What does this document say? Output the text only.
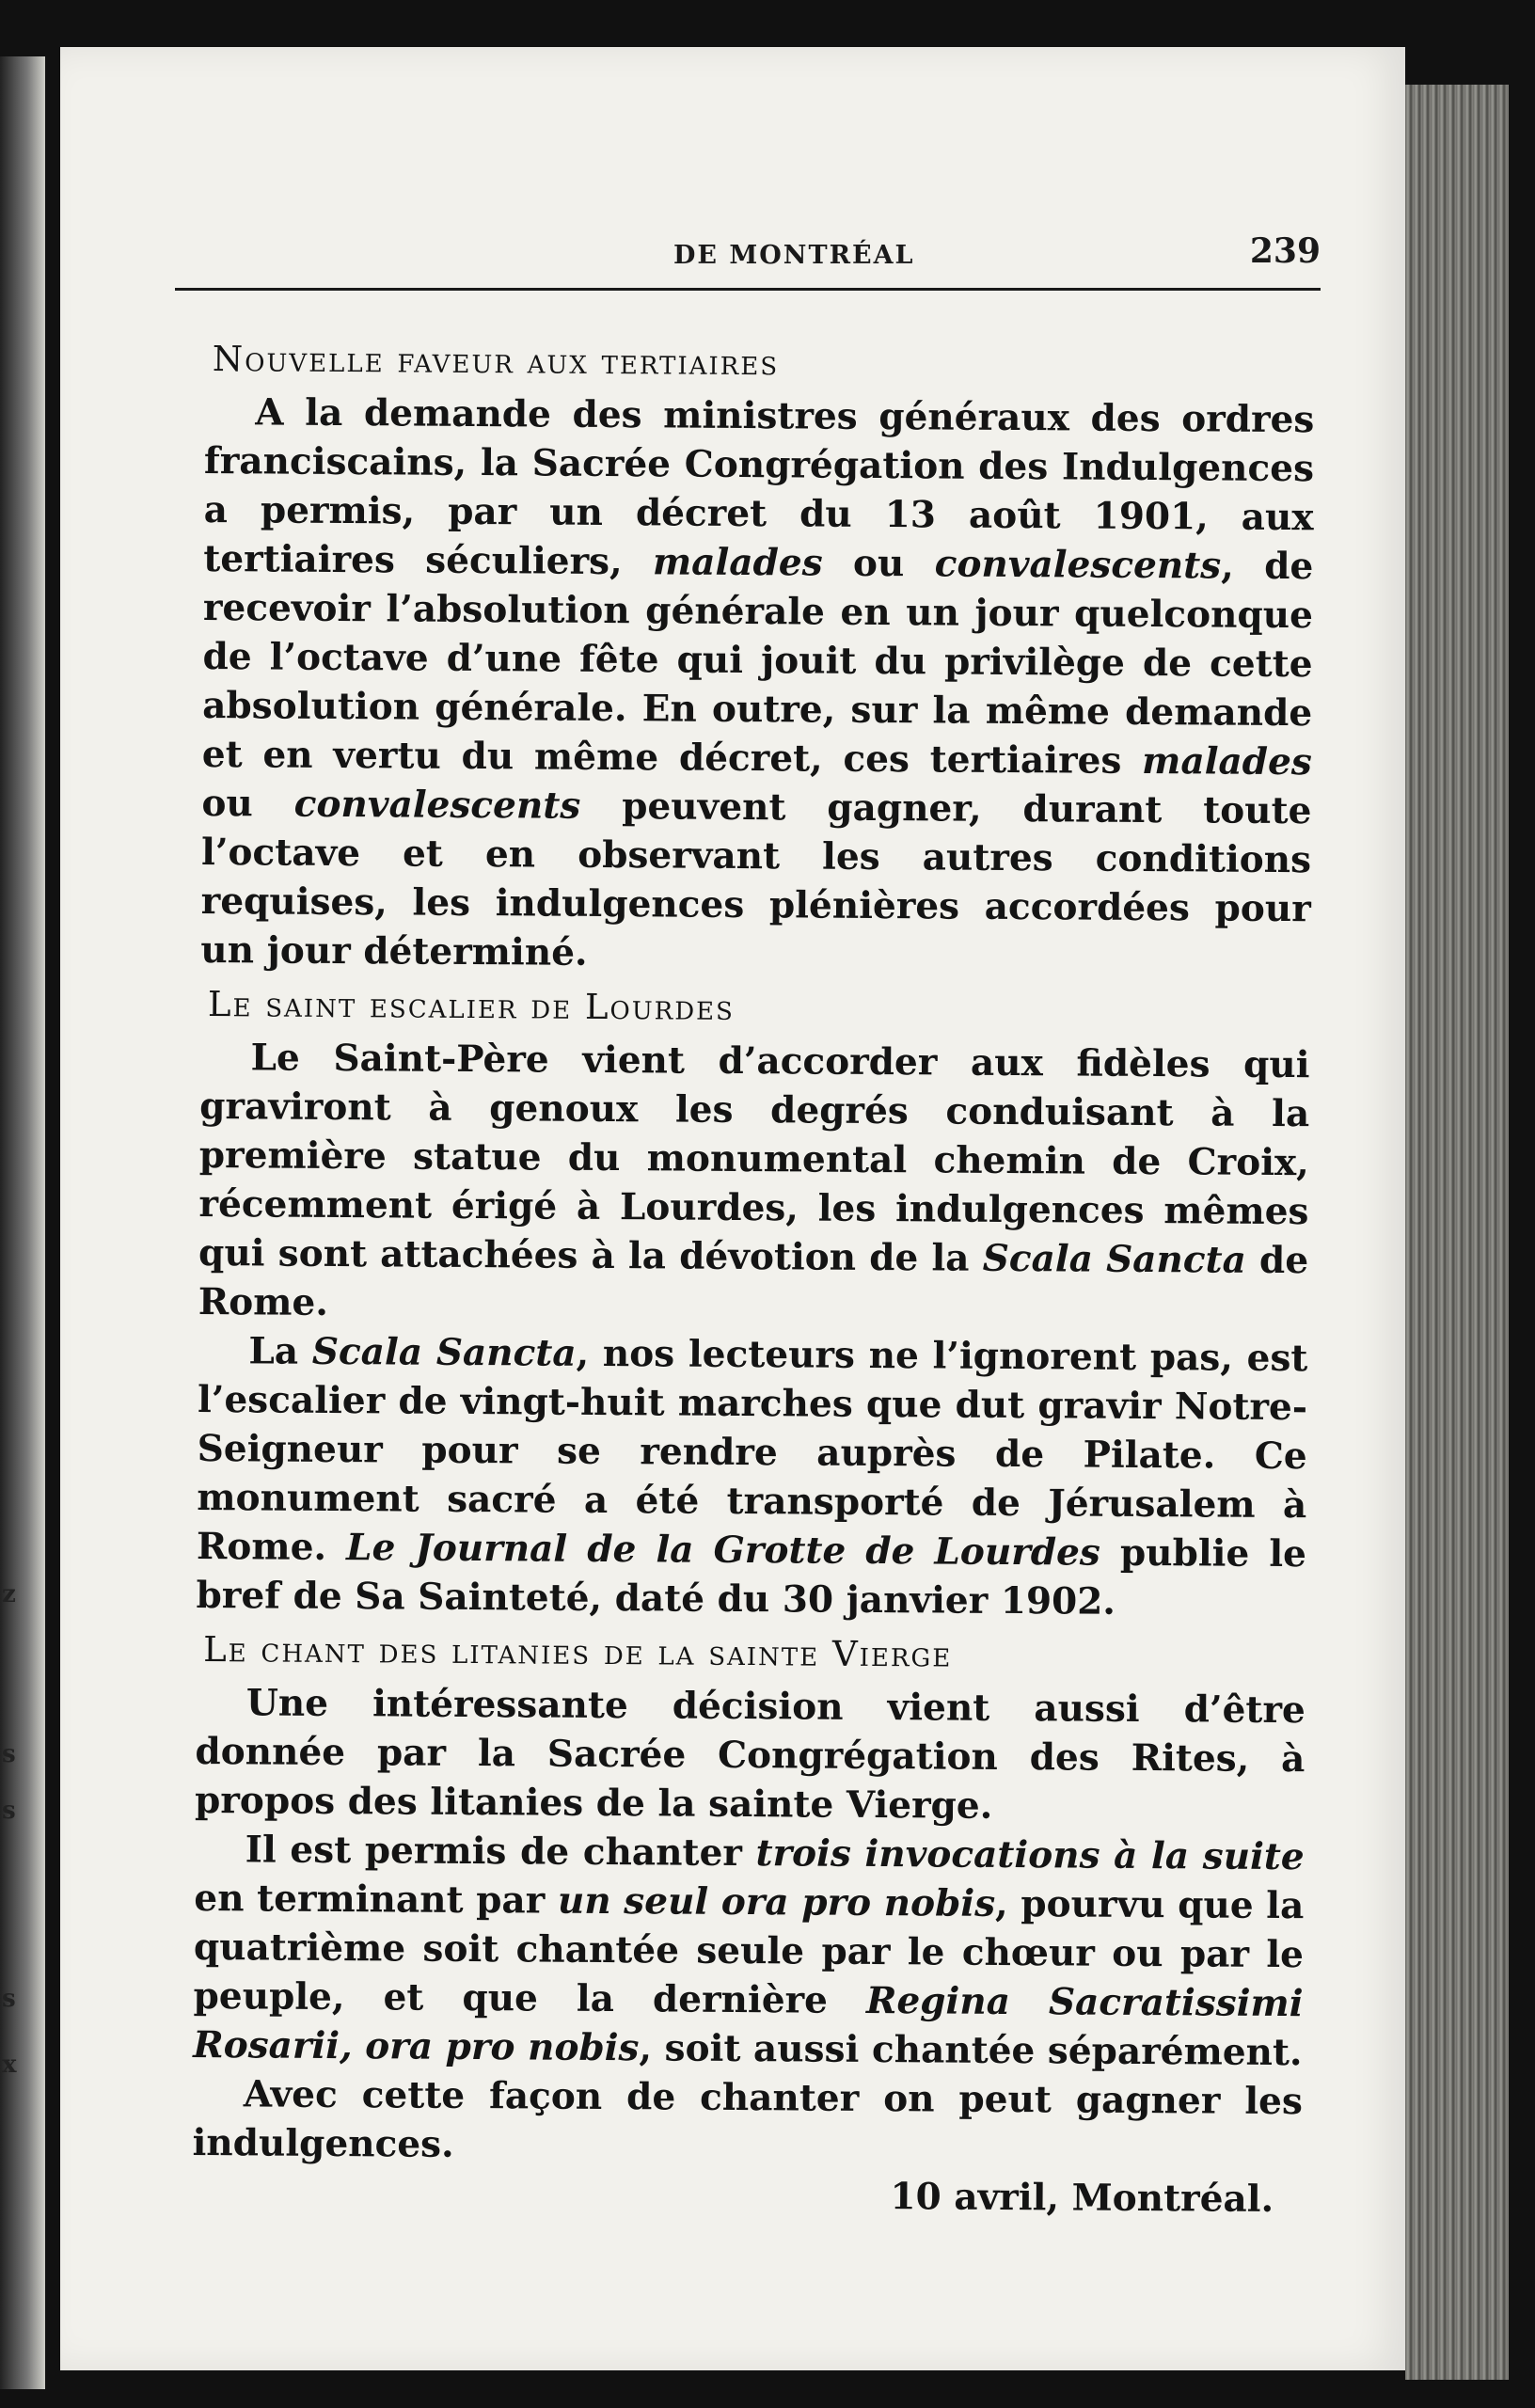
z
s
s
s
x
DE MONTRÉAL	239
Nouvelle faveur aux tertiaires

A la demande des ministres généraux des ordres franciscains, la Sacrée Congrégation des Indulgences a permis, par un décret du 13 août 1901, aux tertiaires séculiers, malades ou convalescents, de recevoir l’absolution générale en un jour quelconque de l’octave d’une fête qui jouit du privilège de cette absolution générale. En outre, sur la même demande et en vertu du même décret, ces tertiaires malades ou convalescents peuvent gagner, durant toute l’octave et en observant les autres conditions requises, les indulgences plénières accordées pour un jour déterminé.

Le saint escalier de Lourdes

Le Saint-Père vient d’accorder aux fidèles qui graviront à genoux les degrés conduisant à la première statue du monumental chemin de Croix, récemment érigé à Lourdes, les indulgences mêmes qui sont attachées à la dévotion de la Scala Sancta de Rome.

La Scala Sancta, nos lecteurs ne l’ignorent pas, est l’escalier de vingt-huit marches que dut gravir Notre-Seigneur pour se rendre auprès de Pilate. Ce monument sacré a été transporté de Jérusalem à Rome. Le Journal de la Grotte de Lourdes publie le bref de Sa Sainteté, daté du 30 janvier 1902.

Le chant des litanies de la sainte Vierge

Une intéressante décision vient aussi d’être donnée par la Sacrée Congrégation des Rites, à propos des litanies de la sainte Vierge.

Il est permis de chanter trois invocations à la suite en terminant par un seul ora pro nobis, pourvu que la quatrième soit chantée seule par le chœur ou par le peuple, et que la dernière Regina Sacratissimi Rosarii, ora pro nobis, soit aussi chantée séparément.

Avec cette façon de chanter on peut gagner les indulgences.

10 avril, Montréal.
